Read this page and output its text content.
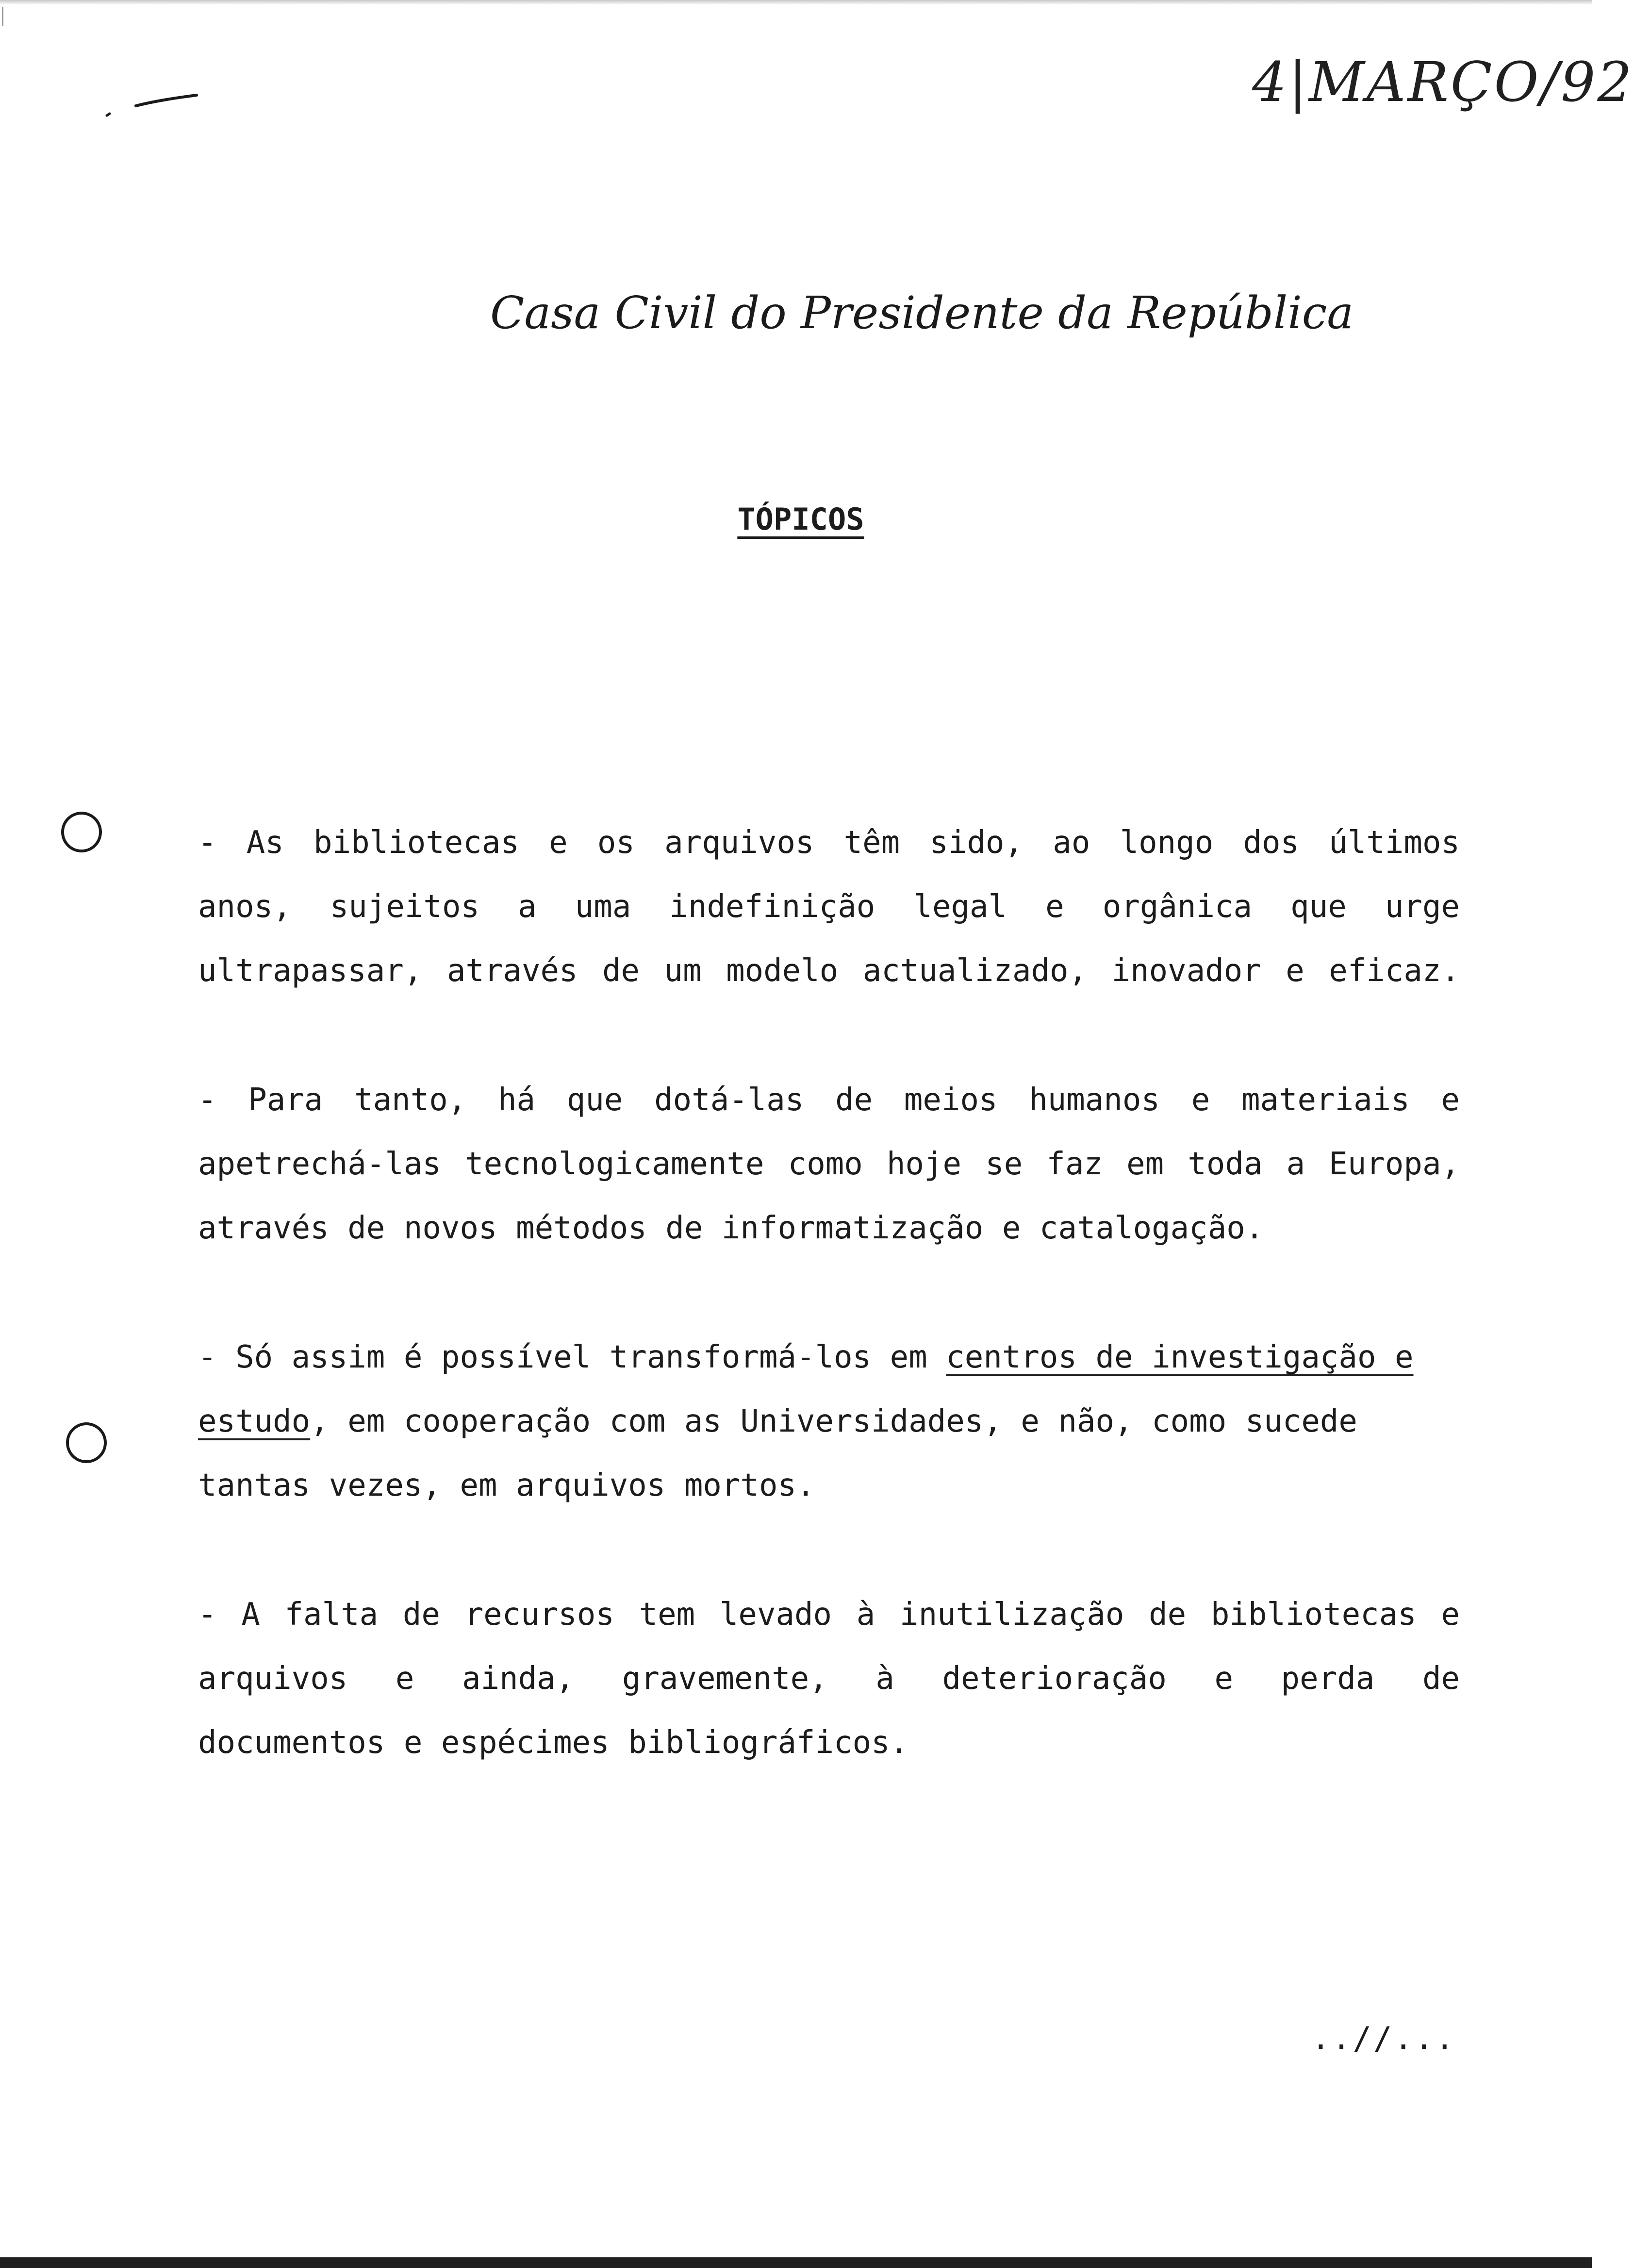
4|MARÇO/92
Casa Civil do Presidente da República
TÓPICOS
- As bibliotecas e os arquivos têm sido, ao longo dos últimos
anos, sujeitos a uma indefinição legal e orgânica que urge
ultrapassar, através de um modelo actualizado, inovador e eficaz.
- Para tanto, há que dotá-las de meios humanos e materiais e
apetrechá-las tecnologicamente como hoje se faz em toda a Europa,
através de novos métodos de informatização e catalogação.
- Só assim é possível transformá-los em centros de investigação e
estudo, em cooperação com as Universidades, e não, como sucede
tantas vezes, em arquivos mortos.
- A falta de recursos tem levado à inutilização de bibliotecas e
arquivos e ainda, gravemente, à deterioração e perda de
documentos e espécimes bibliográficos.
..//...
